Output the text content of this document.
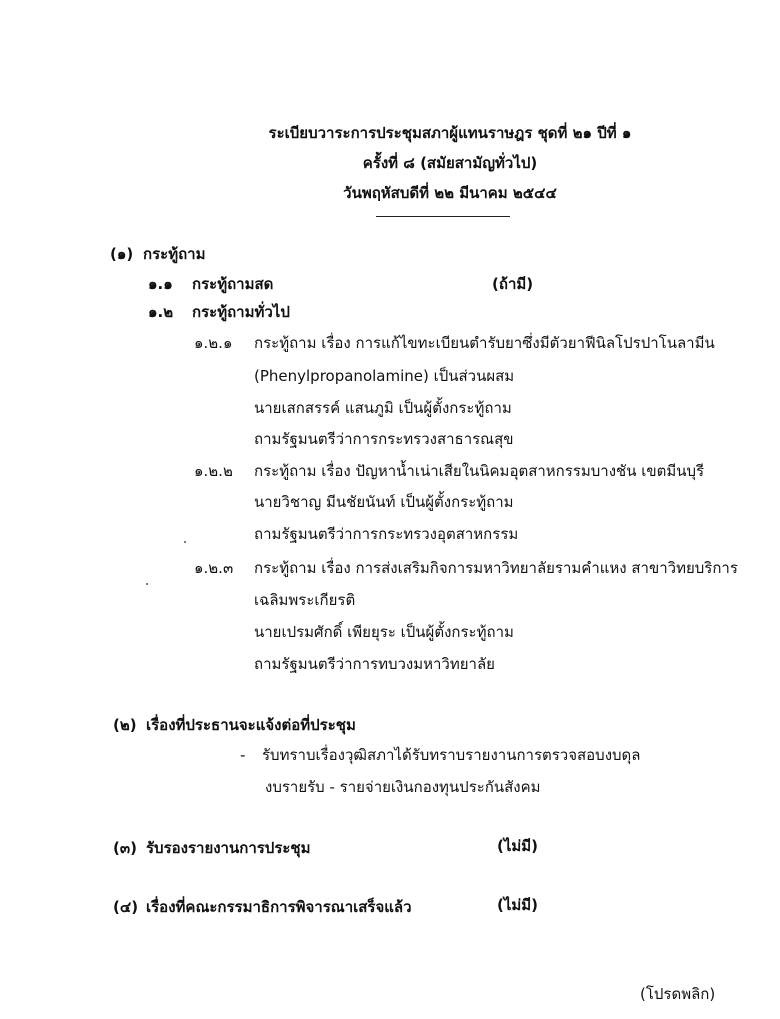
ระเบียบวาระการประชุมสภาผู้แทนราษฎร ชุดที่ ๒๑ ปีที่ ๑
ครั้งที่ ๘ (สมัยสามัญทั่วไป)
วันพฤหัสบดีที่ ๒๒ มีนาคม ๒๕๔๔
(๑) กระทู้ถาม
๑.๑ กระทู้ถามสด	(ถ้ามี)
๑.๒ กระทู้ถามทั่วไป
๑.๒.๑ กระทู้ถาม เรื่อง การแก้ไขทะเบียนตำรับยาซึ่งมีตัวยาฟีนิลโปรปาโนลามีน
(Phenylpropanolamine) เป็นส่วนผสม
นายเสกสรรค์ แสนภูมิ เป็นผู้ตั้งกระทู้ถาม
ถามรัฐมนตรีว่าการกระทรวงสาธารณสุข
๑.๒.๒ กระทู้ถาม เรื่อง ปัญหาน้ำเน่าเสียในนิคมอุตสาหกรรมบางชัน เขตมีนบุรี
นายวิชาญ มีนชัยนันท์ เป็นผู้ตั้งกระทู้ถาม
ถามรัฐมนตรีว่าการกระทรวงอุตสาหกรรม
๑.๒.๓ กระทู้ถาม เรื่อง การส่งเสริมกิจการมหาวิทยาลัยรามคำแหง สาขาวิทยบริการ
เฉลิมพระเกียรติ
นายเปรมศักดิ์ เพียยุระ เป็นผู้ตั้งกระทู้ถาม
ถามรัฐมนตรีว่าการทบวงมหาวิทยาลัย
(๒) เรื่องที่ประธานจะแจ้งต่อที่ประชุม
- รับทราบเรื่องวุฒิสภาได้รับทราบรายงานการตรวจสอบงบดุล
งบรายรับ - รายจ่ายเงินกองทุนประกันสังคม
(๓) รับรองรายงานการประชุม	(ไม่มี)
(๔) เรื่องที่คณะกรรมาธิการพิจารณาเสร็จแล้ว	(ไม่มี)
(โปรดพลิก)
